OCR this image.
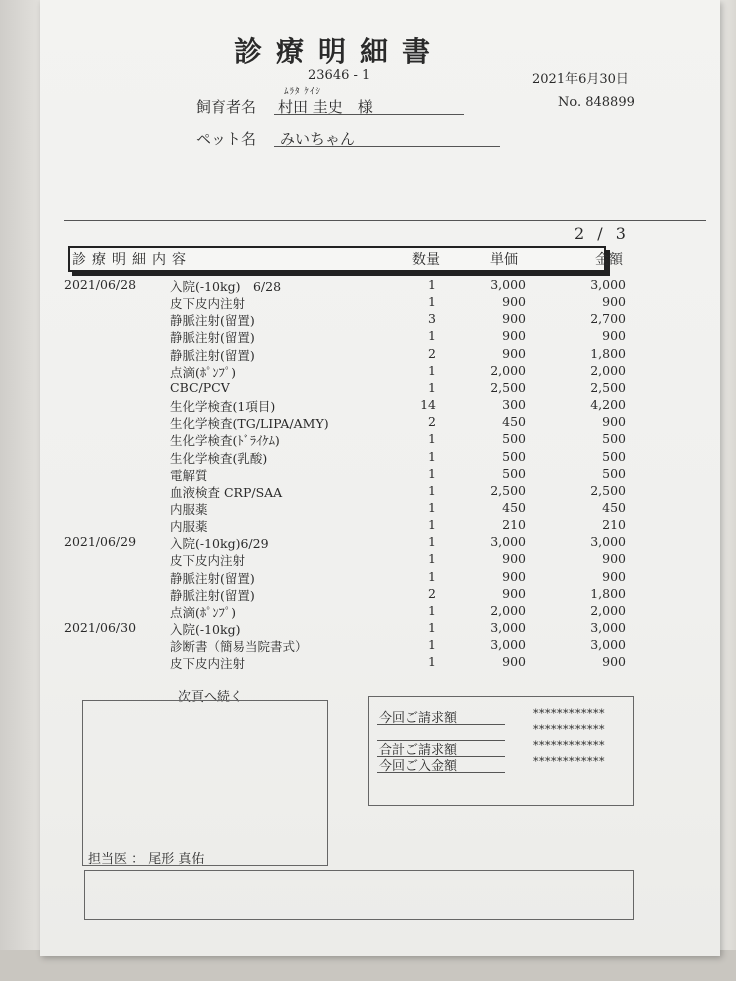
診療明細書
23646 - 1	2021年6月30日
飼育者名
ﾑﾗﾀ ｹｲｼ
村田 圭史　様	No. 848899
ペット名 みいちゃん
2 / 3
診療明細内容	数量	単価	金額
2021/06/28	入院(-10kg)　6/28	1	3,000	3,000
皮下皮内注射	1	900	900
静脈注射(留置)	3	900	2,700
静脈注射(留置)	1	900	900
静脈注射(留置)	2	900	1,800
点滴(ﾎﾟﾝﾌﾟ)	1	2,000	2,000
CBC/PCV	1	2,500	2,500
生化学検査(1項目)	14	300	4,200
生化学検査(TG/LIPA/AMY)	2	450	900
生化学検査(ﾄﾞﾗｲｹﾑ)	1	500	500
生化学検査(乳酸)	1	500	500
電解質	1	500	500
血液検査 CRP/SAA	1	2,500	2,500
内服薬	1	450	450
内服薬	1	210	210
2021/06/29	入院(-10kg)6/29	1	3,000	3,000
皮下皮内注射	1	900	900
静脈注射(留置)	1	900	900
静脈注射(留置)	2	900	1,800
点滴(ﾎﾟﾝﾌﾟ)	1	2,000	2,000
2021/06/30	入院(-10kg)	1	3,000	3,000
診断書（簡易当院書式）	1	3,000	3,000
皮下皮内注射	1	900	900
次頁へ続く
担当医 ： 尾形 真佑
今回ご請求額	************
************
合計ご請求額	************
今回ご入金額	************
